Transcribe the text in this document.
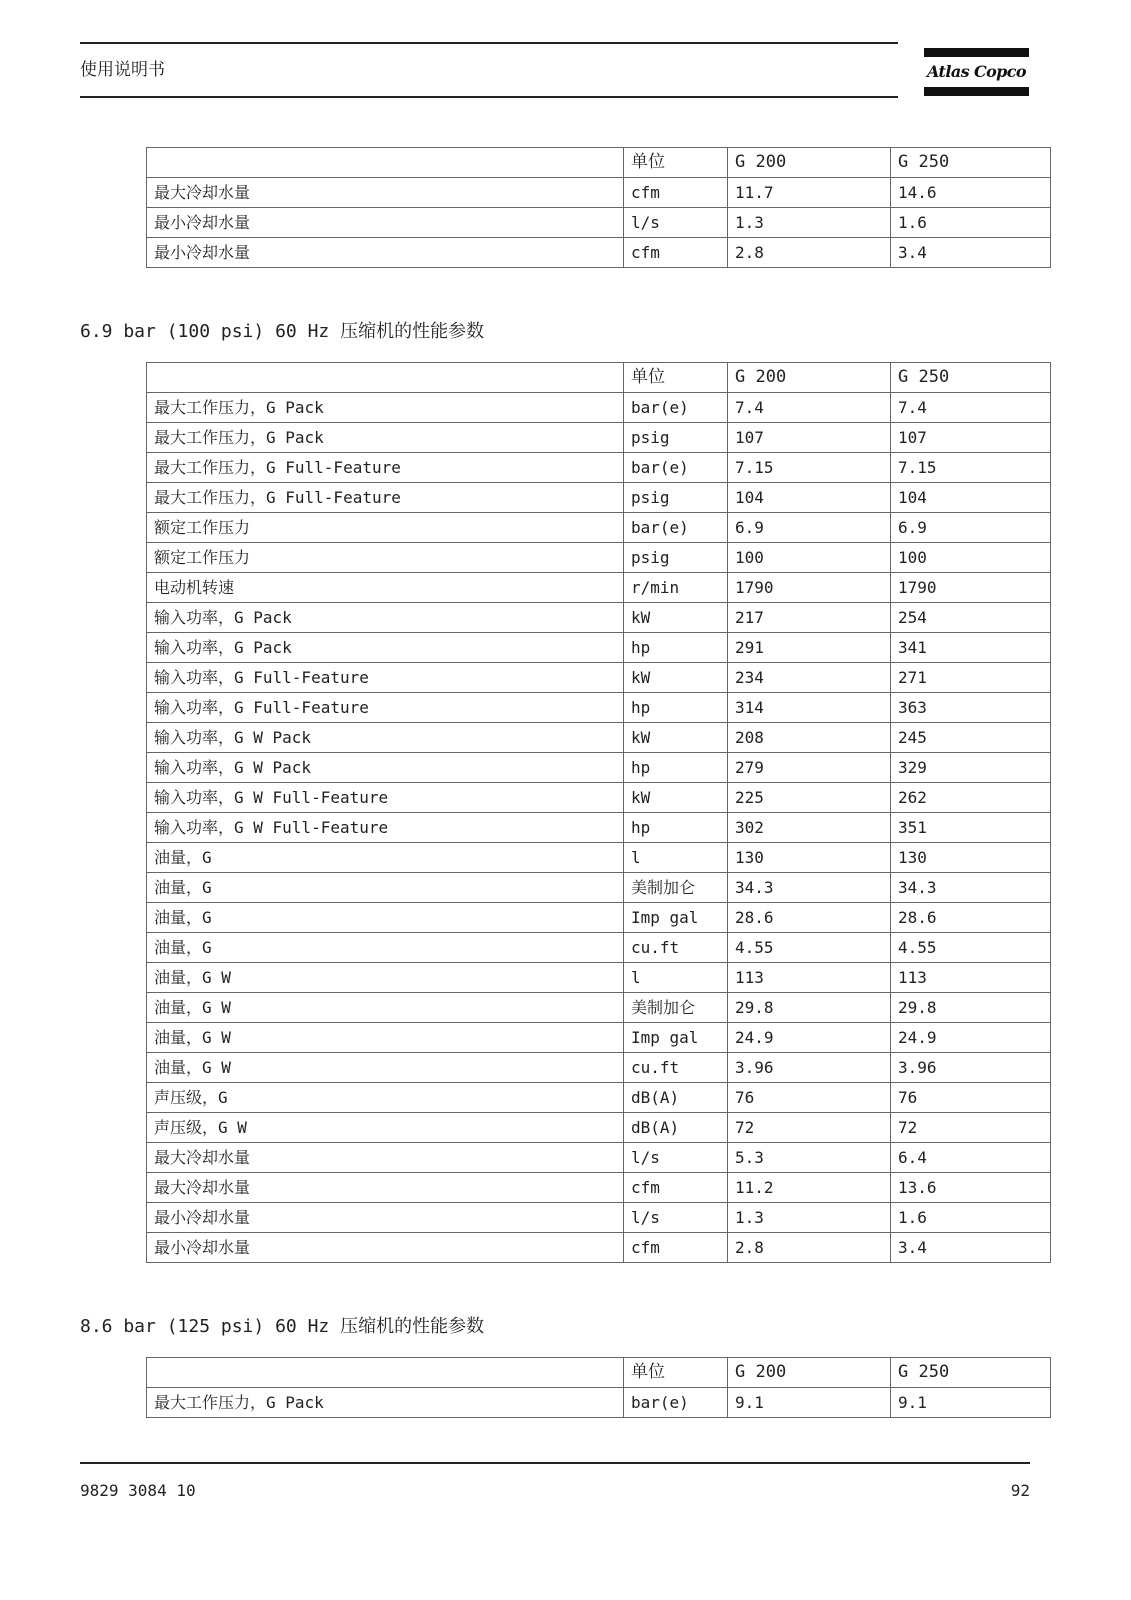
使用说明书	Atlas Copco
	单位	G 200	G 250
最大冷却水量	cfm	11.7	14.6
最小冷却水量	l/s	1.3	1.6
最小冷却水量	cfm	2.8	3.4
6.9 bar (100 psi) 60 Hz 压缩机的性能参数
	单位	G 200	G 250
最大工作压力，G Pack	bar(e)	7.4	7.4
最大工作压力，G Pack	psig	107	107
最大工作压力，G Full-Feature	bar(e)	7.15	7.15
最大工作压力，G Full-Feature	psig	104	104
额定工作压力	bar(e)	6.9	6.9
额定工作压力	psig	100	100
电动机转速	r/min	1790	1790
输入功率，G Pack	kW	217	254
输入功率，G Pack	hp	291	341
输入功率，G Full-Feature	kW	234	271
输入功率，G Full-Feature	hp	314	363
输入功率，G W Pack	kW	208	245
输入功率，G W Pack	hp	279	329
输入功率，G W Full-Feature	kW	225	262
输入功率，G W Full-Feature	hp	302	351
油量，G	l	130	130
油量，G	美制加仑	34.3	34.3
油量，G	Imp gal	28.6	28.6
油量，G	cu.ft	4.55	4.55
油量，G W	l	113	113
油量，G W	美制加仑	29.8	29.8
油量，G W	Imp gal	24.9	24.9
油量，G W	cu.ft	3.96	3.96
声压级，G	dB(A)	76	76
声压级，G W	dB(A)	72	72
最大冷却水量	l/s	5.3	6.4
最大冷却水量	cfm	11.2	13.6
最小冷却水量	l/s	1.3	1.6
最小冷却水量	cfm	2.8	3.4
8.6 bar (125 psi) 60 Hz 压缩机的性能参数
	单位	G 200	G 250
最大工作压力，G Pack	bar(e)	9.1	9.1
9829 3084 10	92
